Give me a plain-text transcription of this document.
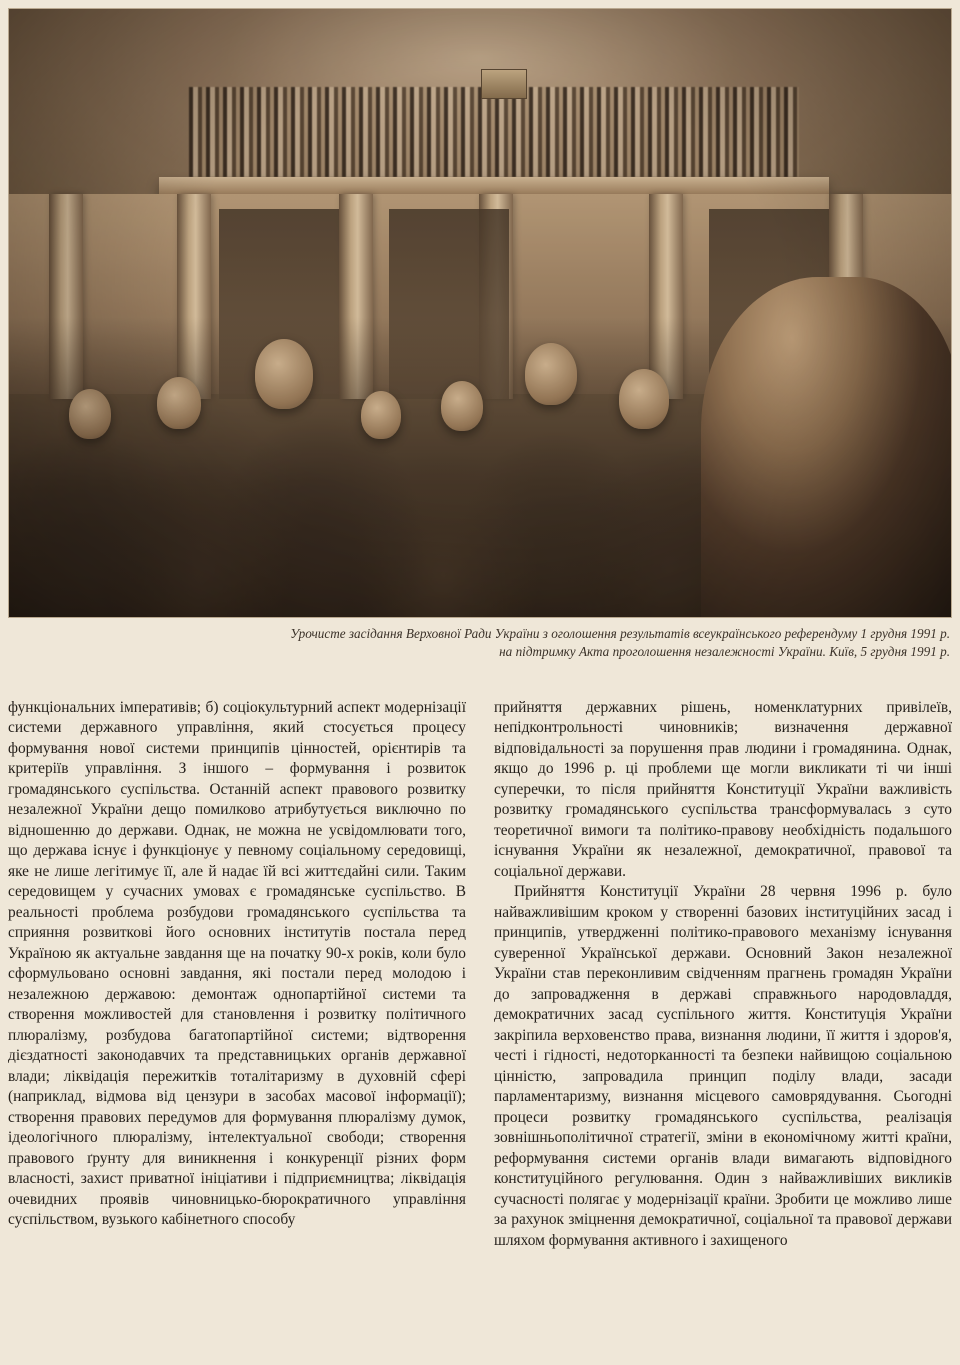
Урочисте засідання Верховної Ради України з оголошення результатів всеукраїнського референдуму 1 грудня 1991 р.
на підтримку Акта проголошення незалежності України. Київ, 5 грудня 1991 р.

функціональних імперативів; б) соціокультурний аспект модернізації системи державного управління, який стосується процесу формування нової системи принципів цінностей, орієнтирів та критеріїв управління. З іншого – формування і розвиток громадянського суспільства. Останній аспект правового розвитку незалежної України дещо помилково атрибутується виключно по відношенню до держави. Однак, не можна не усвідомлювати того, що держава існує і функціонує у певному соціальному середовищі, яке не лише легітимує її, але й надає їй всі життєдайні сили. Таким середовищем у сучасних умовах є громадянське суспільство. В реальності проблема розбудови громадянського суспільства та сприяння розвиткові його основних інститутів постала перед Україною як актуальне завдання ще на початку 90-х років, коли було сформульовано основні завдання, які постали перед молодою і незалежною державою: демонтаж однопартійної системи та створення можливостей для становлення і розвитку політичного плюралізму, розбудова багатопартійної системи; відтворення дієздатності законодавчих та представницьких органів державної влади; ліквідація пережитків тоталітаризму в духовній сфері (наприклад, відмова від цензури в засобах масової інформації); створення правових передумов для формування плюралізму думок, ідеологічного плюралізму, інтелектуальної свободи; створення правового ґрунту для виникнення і конкуренції різних форм власності, захист приватної ініціативи і підприємництва; ліквідація очевидних проявів чиновницько-бюрократичного управління суспільством, вузького кабінетного способу

прийняття державних рішень, номенклатурних привілеїв, непідконтрольності чиновників; визначення державної відповідальності за порушення прав людини і громадянина. Однак, якщо до 1996 р. ці проблеми ще могли викликати ті чи інші суперечки, то після прийняття Конституції України важливість розвитку громадянського суспільства трансформувалась з суто теоретичної вимоги та політико-правову необхідність подальшого існування України як незалежної, демократичної, правової та соціальної держави.

Прийняття Конституції України 28 червня 1996 р. було найважливішим кроком у створенні базових інституційних засад і принципів, утвердженні політико-правового механізму існування суверенної Української держави. Основний Закон незалежної України став переконливим свідченням прагнень громадян України до запровадження в державі справжнього народовладдя, демократичних засад суспільного життя. Конституція України закріпила верховенство права, визнання людини, її життя і здоров'я, честі і гідності, недоторканності та безпеки найвищою соціальною цінністю, запровадила принцип поділу влади, засади парламентаризму, визнання місцевого самоврядування. Сьогодні процеси розвитку громадянського суспільства, реалізація зовнішньополітичної стратегії, зміни в економічному житті країни, реформування системи органів влади вимагають відповідного конституційного регулювання. Один з найважливіших викликів сучасності полягає у модернізації країни. Зробити це можливо лише за рахунок зміцнення демократичної, соціальної та правової держави шляхом формування активного і захищеного
